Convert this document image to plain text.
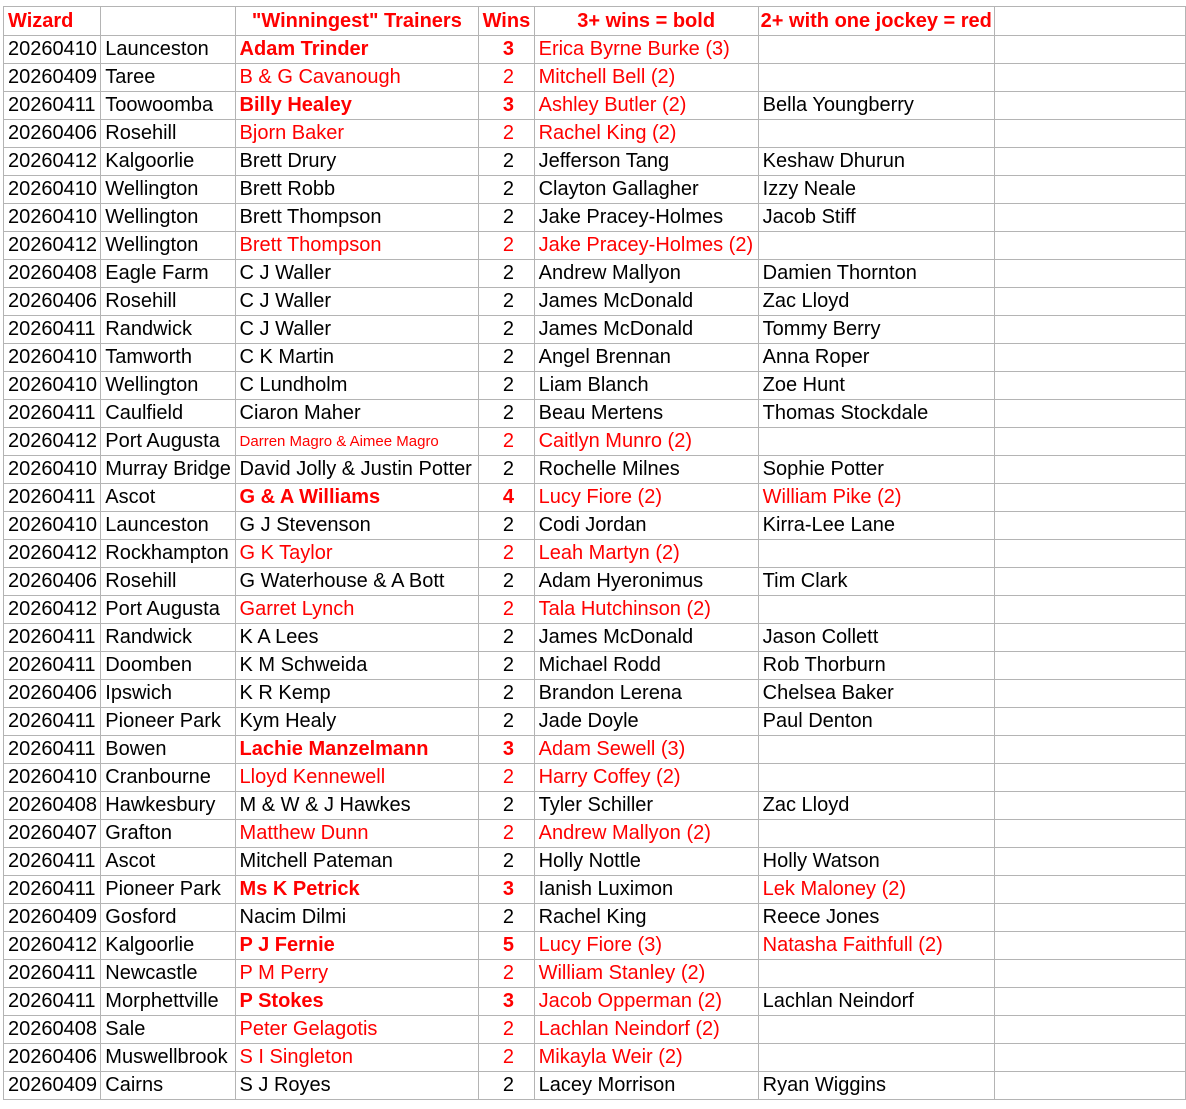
Wizard		"Winningest" Trainers	Wins	3+ wins = bold	2+ with one jockey = red	
20260410	Launceston	Adam Trinder	3	Erica Byrne Burke (3)		
20260409	Taree	B & G Cavanough	2	Mitchell Bell (2)		
20260411	Toowoomba	Billy Healey	3	Ashley Butler (2)	Bella Youngberry	
20260406	Rosehill	Bjorn Baker	2	Rachel King (2)		
20260412	Kalgoorlie	Brett Drury	2	Jefferson Tang	Keshaw Dhurun	
20260410	Wellington	Brett Robb	2	Clayton Gallagher	Izzy Neale	
20260410	Wellington	Brett Thompson	2	Jake Pracey-Holmes	Jacob Stiff	
20260412	Wellington	Brett Thompson	2	Jake Pracey-Holmes (2)		
20260408	Eagle Farm	C J Waller	2	Andrew Mallyon	Damien Thornton	
20260406	Rosehill	C J Waller	2	James McDonald	Zac Lloyd	
20260411	Randwick	C J Waller	2	James McDonald	Tommy Berry	
20260410	Tamworth	C K Martin	2	Angel Brennan	Anna Roper	
20260410	Wellington	C Lundholm	2	Liam Blanch	Zoe Hunt	
20260411	Caulfield	Ciaron Maher	2	Beau Mertens	Thomas Stockdale	
20260412	Port Augusta	Darren Magro & Aimee Magro	2	Caitlyn Munro (2)		
20260410	Murray Bridge	David Jolly & Justin Potter	2	Rochelle Milnes	Sophie Potter	
20260411	Ascot	G & A Williams	4	Lucy Fiore (2)	William Pike (2)	
20260410	Launceston	G J Stevenson	2	Codi Jordan	Kirra-Lee Lane	
20260412	Rockhampton	G K Taylor	2	Leah Martyn (2)		
20260406	Rosehill	G Waterhouse & A Bott	2	Adam Hyeronimus	Tim Clark	
20260412	Port Augusta	Garret Lynch	2	Tala Hutchinson (2)		
20260411	Randwick	K A Lees	2	James McDonald	Jason Collett	
20260411	Doomben	K M Schweida	2	Michael Rodd	Rob Thorburn	
20260406	Ipswich	K R Kemp	2	Brandon Lerena	Chelsea Baker	
20260411	Pioneer Park	Kym Healy	2	Jade Doyle	Paul Denton	
20260411	Bowen	Lachie Manzelmann	3	Adam Sewell (3)		
20260410	Cranbourne	Lloyd Kennewell	2	Harry Coffey (2)		
20260408	Hawkesbury	M & W & J Hawkes	2	Tyler Schiller	Zac Lloyd	
20260407	Grafton	Matthew Dunn	2	Andrew Mallyon (2)		
20260411	Ascot	Mitchell Pateman	2	Holly Nottle	Holly Watson	
20260411	Pioneer Park	Ms K Petrick	3	Ianish Luximon	Lek Maloney (2)	
20260409	Gosford	Nacim Dilmi	2	Rachel King	Reece Jones	
20260412	Kalgoorlie	P J Fernie	5	Lucy Fiore (3)	Natasha Faithfull (2)	
20260411	Newcastle	P M Perry	2	William Stanley (2)		
20260411	Morphettville	P Stokes	3	Jacob Opperman (2)	Lachlan Neindorf	
20260408	Sale	Peter Gelagotis	2	Lachlan Neindorf (2)		
20260406	Muswellbrook	S I Singleton	2	Mikayla Weir (2)		
20260409	Cairns	S J Royes	2	Lacey Morrison	Ryan Wiggins	
